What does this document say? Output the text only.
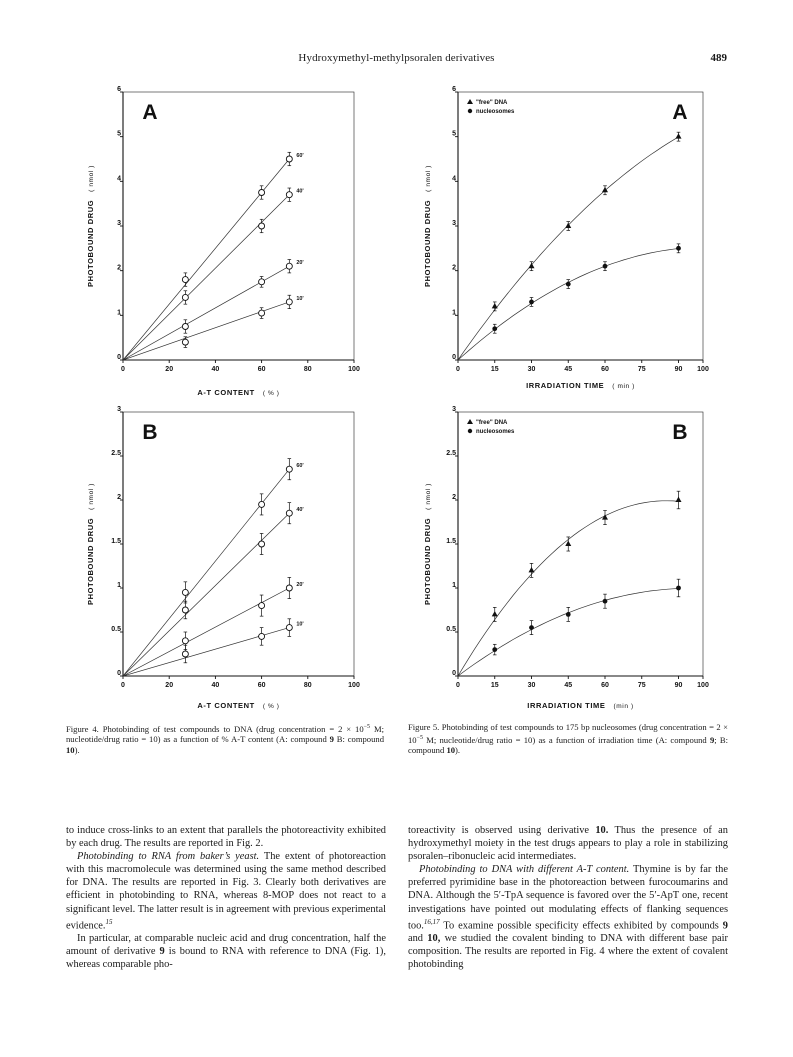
Hydroxymethyl-methylpsoralen derivatives	489
0	20	40	60	80	100
0
1
2
3
4
5
6
A-T CONTENT ( % )
PHOTOBOUND DRUG( nmol )
A
60'
40'
20'
10'
0	20	40	60	80	100
0
0.5
1
1.5
2
2.5
3
A-T CONTENT ( % )
PHOTOBOUND DRUG( nmol )
B
60'
40'
20'
10'
0	15	30	45	60	75	90 100
0
1
2
3
4
5
6
IRRADIATION TIME ( min )
PHOTOBOUND DRUG( nmol )
A
"free" DNA
nucleosomes
0	15	30	45	60	75	90 100
0
0.5
1
1.5
2
2.5
3
IRRADIATION TIME (min )
PHOTOBOUND DRUG( nmol )
B
"free" DNA
nucleosomes
Figure 4. Photobinding of test compounds to DNA (drug concentration = $2 \times 10^{-5}$ M; nucleotide/drug ratio = 10) as a function of % A-T content (A: compound 9 B: compound 10).
Figure 5. Photobinding of test compounds to 175 bp nucleosomes (drug concentration = $2 \times 10^{-5}$ M; nucleotide/drug ratio = 10) as a function of irradiation time (A: compound 9; B: compound 10).

to induce cross-links to an extent that parallels the photoreactivity exhibited by each drug. The results are reported in Fig. 2.

Photobinding to RNA from baker’s yeast. The extent of photoreaction with this macromolecule was determined using the same method described for DNA. The results are reported in Fig. 3. Clearly both derivatives are efficient in photobinding to RNA, whereas 8-MOP does not react to a significant level. The latter result is in agreement with previous experimental evidence.$^{15}$

In particular, at comparable nucleic acid and drug concentration, half the amount of derivative 9 is bound to RNA with reference to DNA (Fig. 1), whereas comparable pho-

toreactivity is observed using derivative 10. Thus the presence of an hydroxymethyl moiety in the test drugs appears to play a role in stabilizing psoralen–ribonucleic acid intermediates.

Photobinding to DNA with different A-T content. Thymine is by far the preferred pyrimidine base in the photoreaction between furocoumarins and DNA. Although the 5′-TpA sequence is favored over the 5′-ApT one, recent investigations have pointed out modulating effects of flanking sequences too.$^{16,17}$ To examine possible specificity effects exhibited by compounds 9 and 10, we studied the covalent binding to DNA with different base pair composition. The results are reported in Fig. 4 where the extent of covalent photobinding
